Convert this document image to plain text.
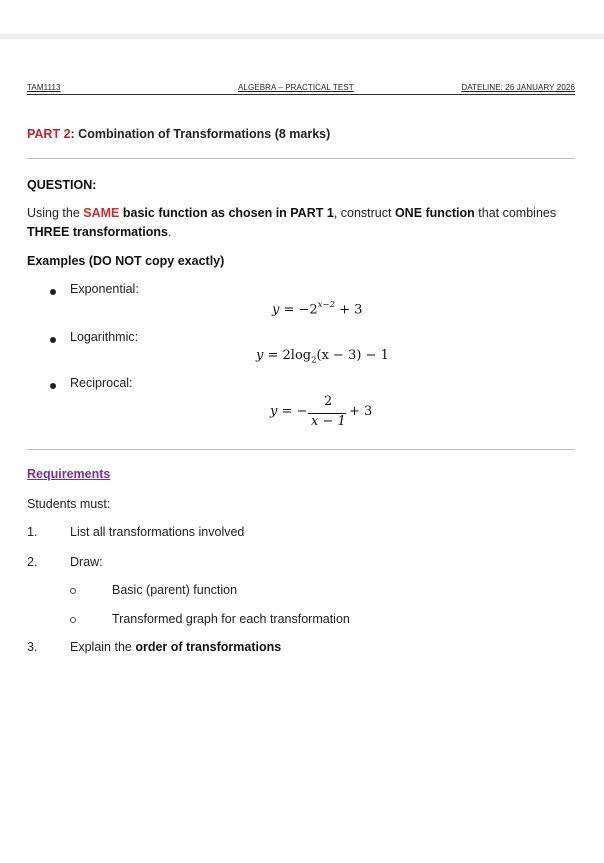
TAM1113	ALGEBRA – PRACTICAL TEST	DATELINE: 26 JANUARY 2026
PART 2: Combination of Transformations (8 marks)
QUESTION:
Using the SAME basic function as chosen in PART 1, construct ONE function that combines THREE transformations.
Examples (DO NOT copy exactly)
Exponential:
$y = -2^{x-2} + 3$
Logarithmic:
$y = 2\log_2(x - 3) - 1$
Reciprocal:
y = −
2
x − 1
+ 3
Requirements
Students must:
1.	List all transformations involved
2.	Draw:
Basic (parent) function
Transformed graph for each transformation
3.	Explain the order of transformations
